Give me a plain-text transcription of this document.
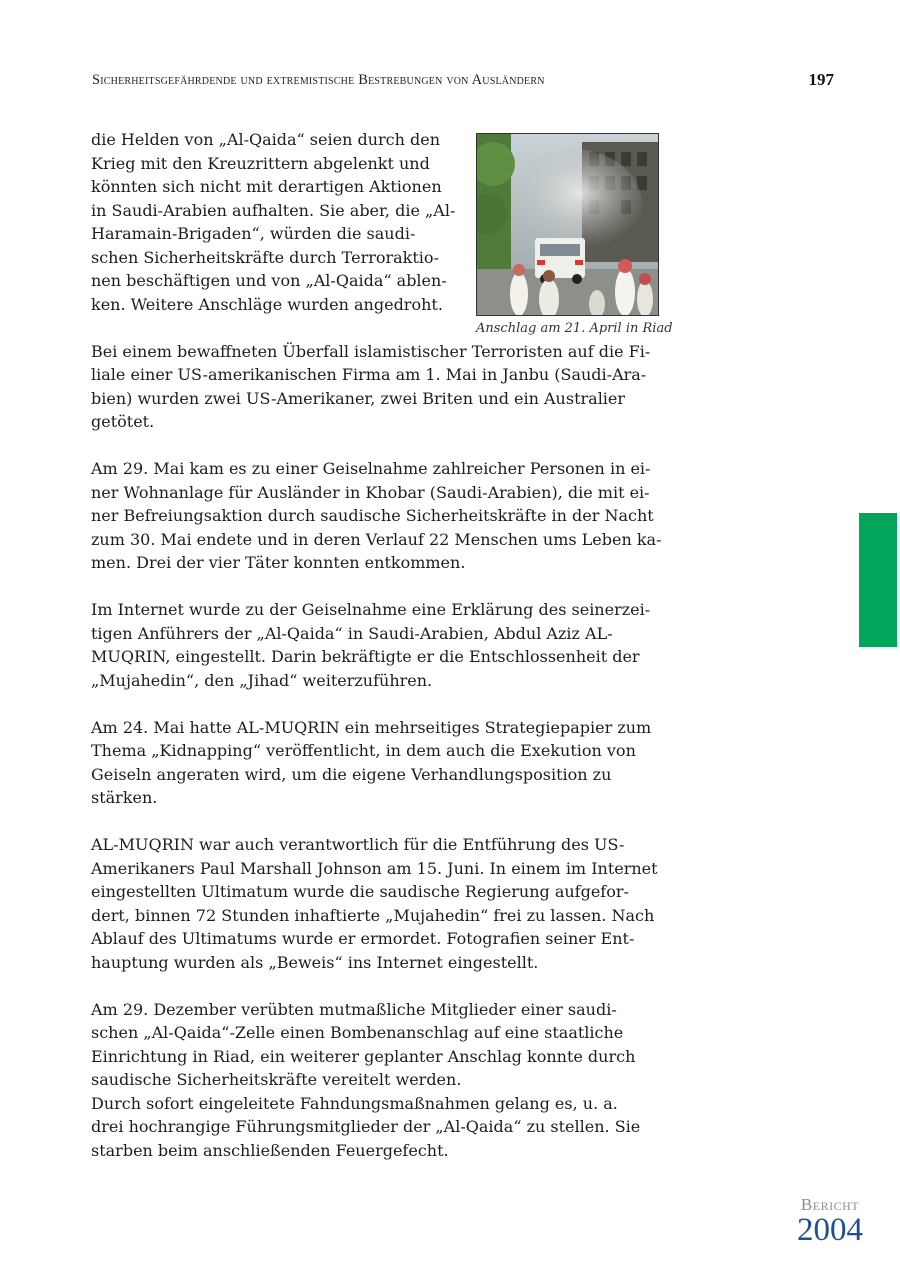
Sicherheitsgefährdende und extremistische Bestrebungen von Ausländern	197
Anschlag am 21. April in Riad

die Helden von „Al-Qaida“ seien durch den
Krieg mit den Kreuzrittern abgelenkt und
könnten sich nicht mit derartigen Aktionen
in Saudi-Arabien aufhalten. Sie aber, die „Al-
Haramain-Brigaden“, würden die saudi-
schen Sicherheitskräfte durch Terroraktio-
nen beschäftigen und von „Al-Qaida“ ablen-
ken. Weitere Anschläge wurden angedroht.

Bei einem bewaffneten Überfall islamistischer Terroristen auf die Fi-
liale einer US-amerikanischen Firma am 1. Mai in Janbu (Saudi-Ara-
bien) wurden zwei US-Amerikaner, zwei Briten und ein Australier
getötet.

Am 29. Mai kam es zu einer Geiselnahme zahlreicher Personen in ei-
ner Wohnanlage für Ausländer in Khobar (Saudi-Arabien), die mit ei-
ner Befreiungsaktion durch saudische Sicherheitskräfte in der Nacht
zum 30. Mai endete und in deren Verlauf 22 Menschen ums Leben ka-
men. Drei der vier Täter konnten entkommen.

Im Internet wurde zu der Geiselnahme eine Erklärung des seinerzei-
tigen Anführers der „Al-Qaida“ in Saudi-Arabien, Abdul Aziz AL-
MUQRIN, eingestellt. Darin bekräftigte er die Entschlossenheit der
„Mujahedin“, den „Jihad“ weiterzuführen.

Am 24. Mai hatte AL-MUQRIN ein mehrseitiges Strategiepapier zum
Thema „Kidnapping“ veröffentlicht, in dem auch die Exekution von
Geiseln angeraten wird, um die eigene Verhandlungsposition zu
stärken.

AL-MUQRIN war auch verantwortlich für die Entführung des US-
Amerikaners Paul Marshall Johnson am 15. Juni. In einem im Internet
eingestellten Ultimatum wurde die saudische Regierung aufgefor-
dert, binnen 72 Stunden inhaftierte „Mujahedin“ frei zu lassen. Nach
Ablauf des Ultimatums wurde er ermordet. Fotografien seiner Ent-
hauptung wurden als „Beweis“ ins Internet eingestellt.

Am 29. Dezember verübten mutmaßliche Mitglieder einer saudi-
schen „Al-Qaida“-Zelle einen Bombenanschlag auf eine staatliche
Einrichtung in Riad, ein weiterer geplanter Anschlag konnte durch
saudische Sicherheitskräfte vereitelt werden.

Durch sofort eingeleitete Fahndungsmaßnahmen gelang es, u. a.
drei hochrangige Führungsmitglieder der „Al-Qaida“ zu stellen. Sie
starben beim anschließenden Feuergefecht.

Bericht
2004
